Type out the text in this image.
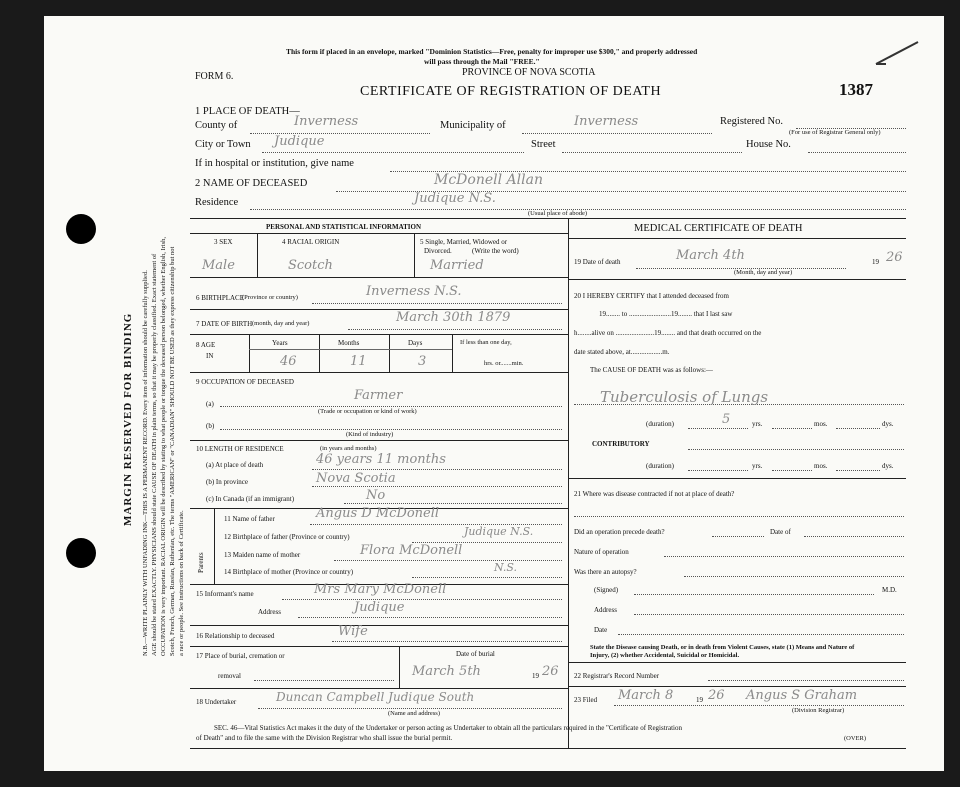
MARGIN RESERVED FOR BINDING N.B.—WRITE PLAINLY WITH UNFADING INK—THIS IS A PERMANENT RECORD. Every item of information should be carefully supplied. AGE should be stated EXACTLY. PHYSICIANS should state CAUSE OF DEATH in plain terms, so that it may be properly classified. Exact statement of OCCUPATION is very important. RACIAL ORIGIN will be described by stating to what people or tongue the deceased person belonged, whether English, Irish, Scotch, French, German, Russian, Ruthenian, etc. The terms "AMERICAN" or "CANADIAN" SHOULD NOT BE USED as they express citizenship but not a race or people. See instructions on back of Certificate.
This form if placed in an envelope, marked "Dominion Statistics—Free, penalty for improper use $300," and properly addressed
will pass through the Mail "FREE."
PROVINCE OF NOVA SCOTIA
FORM 6.
CERTIFICATE OF REGISTRATION OF DEATH	1387
1 PLACE OF DEATH—
County of	Inverness	Municipality of	Inverness	Registered No.
(For use of Registrar General only)
City or Town Judique	Street	House No.
If in hospital or institution, give name
2 NAME OF DECEASED	McDonell Allan
Residence	Judique N.S.
(Usual place of abode)
PERSONAL AND STATISTICAL INFORMATION
3 SEX	4 RACIAL ORIGIN	5 Single, Married, Widowed or
Divorced.	(Write the word)
Male	Scotch	Married
6 BIRTHPLACE
(Province or country)	Inverness N.S.
7 DATE OF BIRTH (month, day and year)	March 30th 1879
8 AGE
IN
Years	Months	Days
46	11	3
If less than one day,
hrs. or.......min.
9 OCCUPATION OF DECEASED
(a)
Farmer
(Trade or occupation or kind of work)
(b)
(Kind of industry)
10 LENGTH OF RESIDENCE	(in years and months)
(a) At place of death	46 years 11 months
(b) In province	Nova Scotia
(c) In Canada (if an immigrant)	No
Parents
11 Name of father	Angus D McDonell
12 Birthplace of father (Province or country)	Judique N.S.
13 Maiden name of mother	Flora McDonell
14 Birthplace of mother (Province or country)	N.S.
15 Informant's name	Mrs Mary McDonell
Address	Judique
16 Relationship to deceased	Wife
17 Place of burial, cremation or
removal
Date of burial
March 5th	19 26
18 Undertaker	Duncan Campbell Judique South
(Name and address)
MEDICAL CERTIFICATE OF DEATH
19 Date of death	March 4th	19 26
(Month, day and year)
20 I HEREBY CERTIFY that I attended deceased from
19........ to ........................19........ that I last saw
h........alive on ......................19........ and that death occurred on the
date stated above, at..................m.
The CAUSE OF DEATH was as follows:—
Tuberculosis of Lungs
(duration)	5	yrs.	mos.	dys.
CONTRIBUTORY
(duration)	yrs.	mos.	dys.
21 Where was disease contracted if not at place of death?
Did an operation precede death?	Date of
Nature of operation
Was there an autopsy?
(Signed)	M.D.
Address
Date
State the Disease causing Death, or in death from Violent Causes, state (1) Means and Nature of
Injury, (2) whether Accidental, Suicidal or Homicidal.
22 Registrar's Record Number
23 Filed March 8	19 26 Angus S Graham
(Division Registrar)
SEC. 46—Vital Statistics Act makes it the duty of the Undertaker or person acting as Undertaker to obtain all the particulars required in the "Certificate of Registration
of Death" and to file the same with the Division Registrar who shall issue the burial permit.	(OVER)
